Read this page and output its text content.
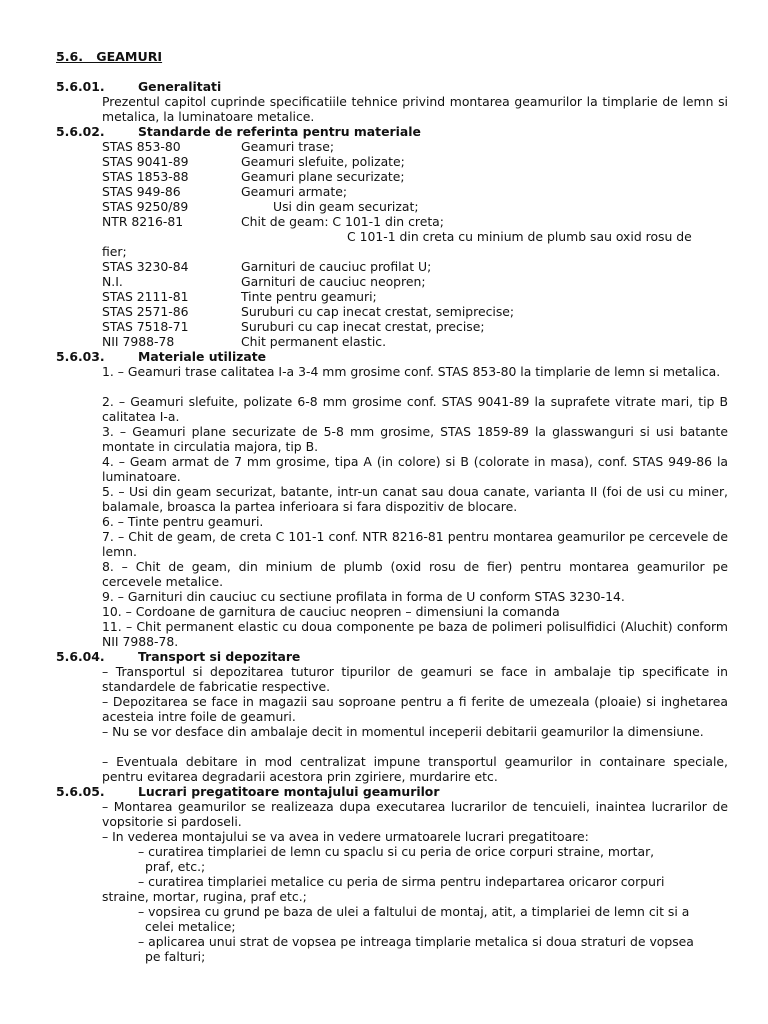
5.6.   GEAMURI
5.6.01.	Generalitati
Prezentul capitol cuprinde specificatiile tehnice privind montarea geamurilor la timplarie de lemn si metalica, la luminatoare metalice.
5.6.02.	Standarde de referinta pentru materiale
STAS 853-80	Geamuri trase;
STAS 9041-89	Geamuri slefuite, polizate;
STAS 1853-88	Geamuri plane securizate;
STAS 949-86	Geamuri armate;
STAS 9250/89	Usi din geam securizat;
NTR 8216-81	Chit de geam: C 101-1 din creta;
C 101-1 din creta cu minium de plumb sau oxid rosu de
fier;
STAS 3230-84	Garnituri de cauciuc profilat U;
N.I.	Garnituri de cauciuc neopren;
STAS 2111-81	Tinte pentru geamuri;
STAS 2571-86	Suruburi cu cap inecat crestat, semiprecise;
STAS 7518-71	Suruburi cu cap inecat crestat, precise;
NII 7988-78	Chit permanent elastic.
5.6.03.	Materiale utilizate
1. – Geamuri trase calitatea I-a 3-4 mm grosime conf. STAS 853-80 la timplarie de lemn si metalica.
2. – Geamuri slefuite, polizate 6-8 mm grosime conf. STAS 9041-89 la suprafete vitrate mari, tip B calitatea I-a.
3. – Geamuri plane securizate de 5-8 mm grosime, STAS 1859-89 la glasswanguri si usi batante montate in circulatia majora, tip B.
4. – Geam armat de 7 mm grosime, tipa A (in colore) si B (colorate in masa), conf. STAS 949-86 la luminatoare.
5. – Usi din geam securizat, batante, intr-un canat sau doua canate, varianta II (foi de usi cu miner, balamale, broasca la partea inferioara si fara dispozitiv de blocare.
6. – Tinte pentru geamuri.
7. – Chit de geam, de creta C 101-1 conf. NTR 8216-81 pentru montarea geamurilor pe cercevele de lemn.
8. – Chit de geam, din minium de plumb (oxid rosu de fier) pentru montarea geamurilor pe cercevele metalice.
9. – Garnituri din cauciuc cu sectiune profilata in forma de U conform STAS 3230-14.
10. – Cordoane de garnitura de cauciuc neopren – dimensiuni la comanda
11. – Chit permanent elastic cu doua componente pe baza de polimeri polisulfidici (Aluchit) conform NII 7988-78.
5.6.04.	Transport si depozitare
– Transportul si depozitarea tuturor tipurilor de geamuri se face in ambalaje tip specificate in standardele de fabricatie respective.
– Depozitarea se face in magazii sau soproane pentru a fi ferite de umezeala (ploaie) si inghetarea acesteia intre foile de geamuri.
– Nu se vor desface din ambalaje decit in momentul inceperii debitarii geamurilor la dimensiune.
– Eventuala debitare in mod centralizat impune transportul geamurilor in containare speciale, pentru evitarea degradarii acestora prin zgiriere, murdarire etc.
5.6.05.	Lucrari pregatitoare montajului geamurilor
– Montarea geamurilor se realizeaza dupa executarea lucrarilor de tencuieli, inaintea lucrarilor de vopsitorie si pardoseli.
– In vederea montajului se va avea in vedere urmatoarele lucrari pregatitoare:
– curatirea timplariei de lemn cu spaclu si cu peria de orice corpuri straine, mortar,
praf, etc.;
– curatirea timplariei metalice cu peria de sirma pentru indepartarea oricaror corpuri
straine, mortar, rugina, praf etc.;
– vopsirea cu grund pe baza de ulei a faltului de montaj, atit, a timplariei de lemn cit si a
celei metalice;
– aplicarea unui strat de vopsea pe intreaga timplarie metalica si doua straturi de vopsea
pe falturi;
